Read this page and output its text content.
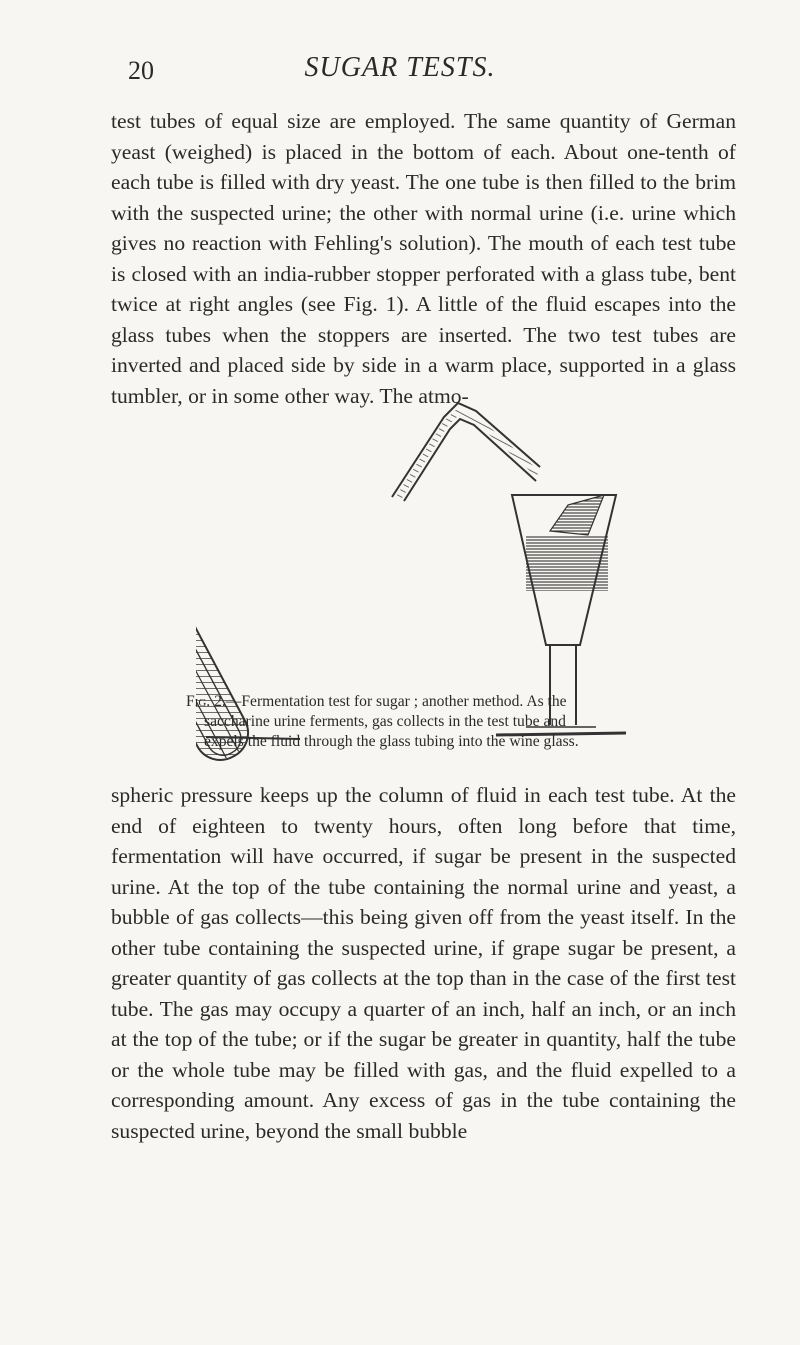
20	SUGAR TESTS.

test tubes of equal size are employed. The same quantity of German yeast (weighed) is placed in the bottom of each. About one-tenth of each tube is filled with dry yeast. The one tube is then filled to the brim with the suspected urine; the other with normal urine (i.e. urine which gives no reaction with Fehling's solution). The mouth of each test tube is closed with an india-rubber stopper perforated with a glass tube, bent twice at right angles (see Fig. 1). A little of the fluid escapes into the glass tubes when the stoppers are inserted. The two test tubes are inverted and placed side by side in a warm place, supported in a glass tumbler, or in some other way. The atmo-

Fig. 2.—Fermentation test for sugar ; another method. As the
saccharine urine ferments, gas collects in the test tube and
expels the fluid through the glass tubing into the wine glass.

spheric pressure keeps up the column of fluid in each test tube. At the end of eighteen to twenty hours, often long before that time, fermentation will have occurred, if sugar be present in the suspected urine. At the top of the tube containing the normal urine and yeast, a bubble of gas collects—this being given off from the yeast itself. In the other tube containing the suspected urine, if grape sugar be present, a greater quantity of gas collects at the top than in the case of the first test tube. The gas may occupy a quarter of an inch, half an inch, or an inch at the top of the tube; or if the sugar be greater in quantity, half the tube or the whole tube may be filled with gas, and the fluid expelled to a corresponding amount. Any excess of gas in the tube containing the suspected urine, beyond the small bubble
